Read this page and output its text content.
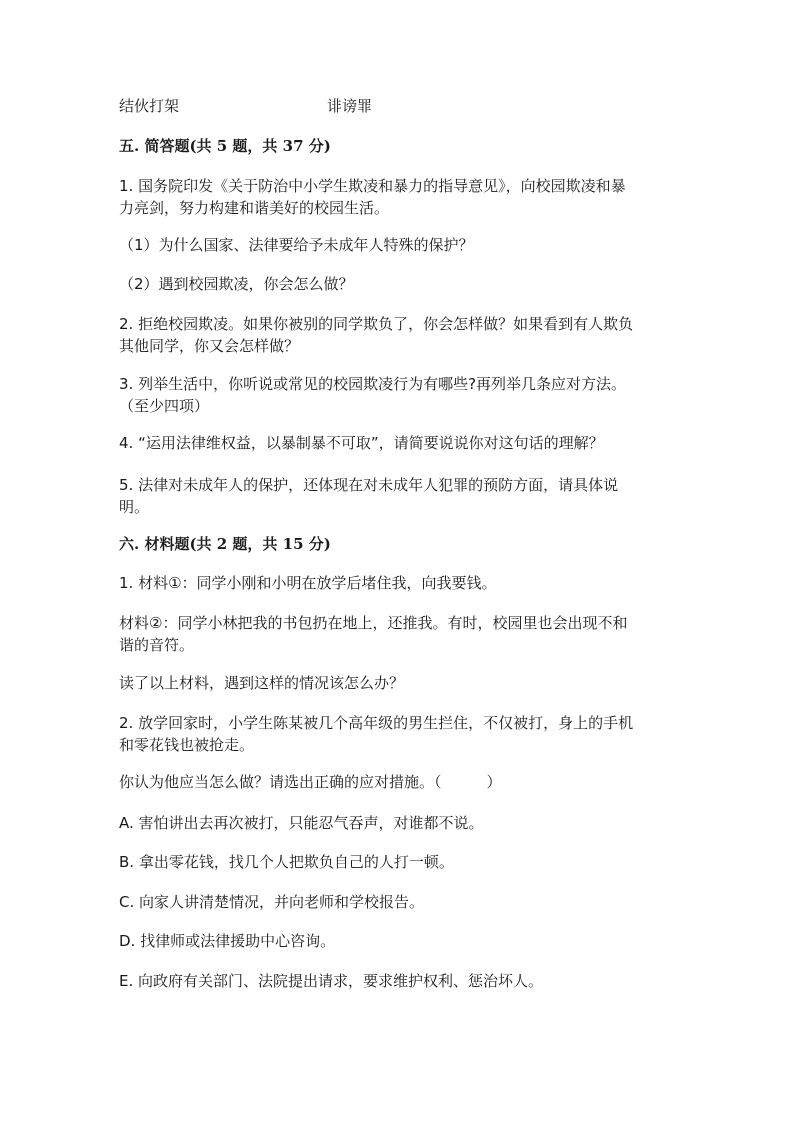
结伙打架	诽谤罪
五. 简答题(共 5 题，共 37 分)
1. 国务院印发《关于防治中小学生欺凌和暴力的指导意见》，向校园欺凌和暴
力亮剑，努力构建和谐美好的校园生活。
（1）为什么国家、法律要给予未成年人特殊的保护？
（2）遇到校园欺凌，你会怎么做？
2. 拒绝校园欺凌。如果你被别的同学欺负了，你会怎样做？如果看到有人欺负
其他同学，你又会怎样做？
3. 列举生活中，你听说或常见的校园欺凌行为有哪些?再列举几条应对方法。
（至少四项）
4. “运用法律维权益，以暴制暴不可取”，请简要说说你对这句话的理解？
5. 法律对未成年人的保护，还体现在对未成年人犯罪的预防方面，请具体说
明。
六. 材料题(共 2 题，共 15 分)
1. 材料①：同学小刚和小明在放学后堵住我，向我要钱。
材料②：同学小林把我的书包扔在地上，还推我。有时，校园里也会出现不和
谐的音符。
读了以上材料，遇到这样的情况该怎么办？
2. 放学回家时，小学生陈某被几个高年级的男生拦住，不仅被打，身上的手机
和零花钱也被抢走。
你认为他应当怎么做？请选出正确的应对措施。（　　　）
A. 害怕讲出去再次被打，只能忍气吞声，对谁都不说。
B. 拿出零花钱，找几个人把欺负自己的人打一顿。
C. 向家人讲清楚情况，并向老师和学校报告。
D. 找律师或法律援助中心咨询。
E. 向政府有关部门、法院提出请求，要求维护权利、惩治坏人。
